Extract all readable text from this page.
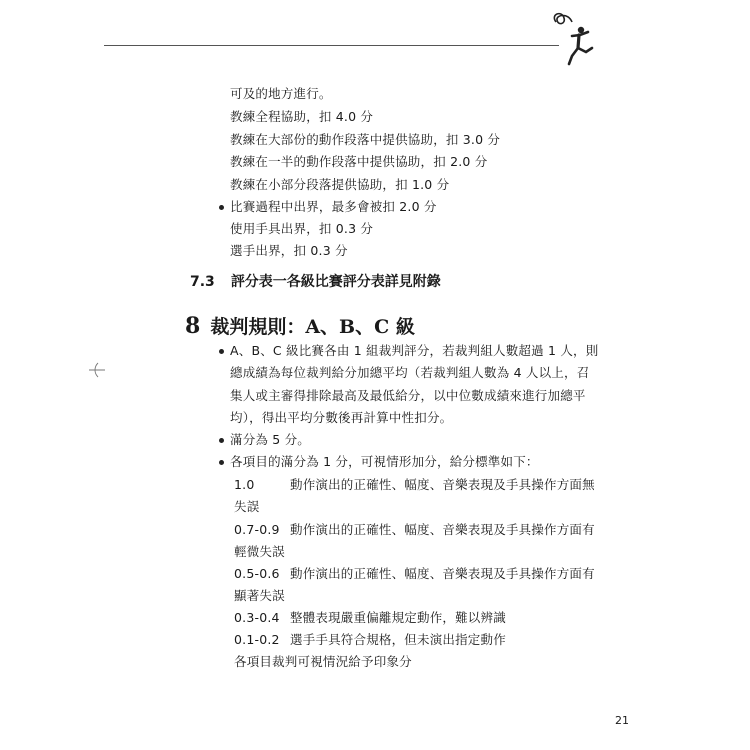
可及的地方進行。
教練全程協助，扣 4.0 分
教練在大部份的動作段落中提供協助，扣 3.0 分
教練在一半的動作段落中提供協助，扣 2.0 分
教練在小部分段落提供協助，扣 1.0 分
比賽過程中出界，最多會被扣 2.0 分
使用手具出界，扣 0.3 分
選手出界，扣 0.3 分
7.3 評分表一各級比賽評分表詳見附錄
8 裁判規則：A、B、C 級
A、B、C 級比賽各由 1 組裁判評分，若裁判組人數超過 1 人，則
總成績為每位裁判給分加總平均（若裁判組人數為 4 人以上，召
集人或主審得排除最高及最低給分，以中位數成績來進行加總平
均），得出平均分數後再計算中性扣分。
滿分為 5 分。
各項目的滿分為 1 分，可視情形加分，給分標準如下：
1.0	動作演出的正確性、幅度、音樂表現及手具操作方面無
失誤
0.7-0.9 動作演出的正確性、幅度、音樂表現及手具操作方面有
輕微失誤
0.5-0.6 動作演出的正確性、幅度、音樂表現及手具操作方面有
顯著失誤
0.3-0.4 整體表現嚴重偏離規定動作，難以辨識
0.1-0.2 選手手具符合規格，但未演出指定動作
各項目裁判可視情況給予印象分
21
